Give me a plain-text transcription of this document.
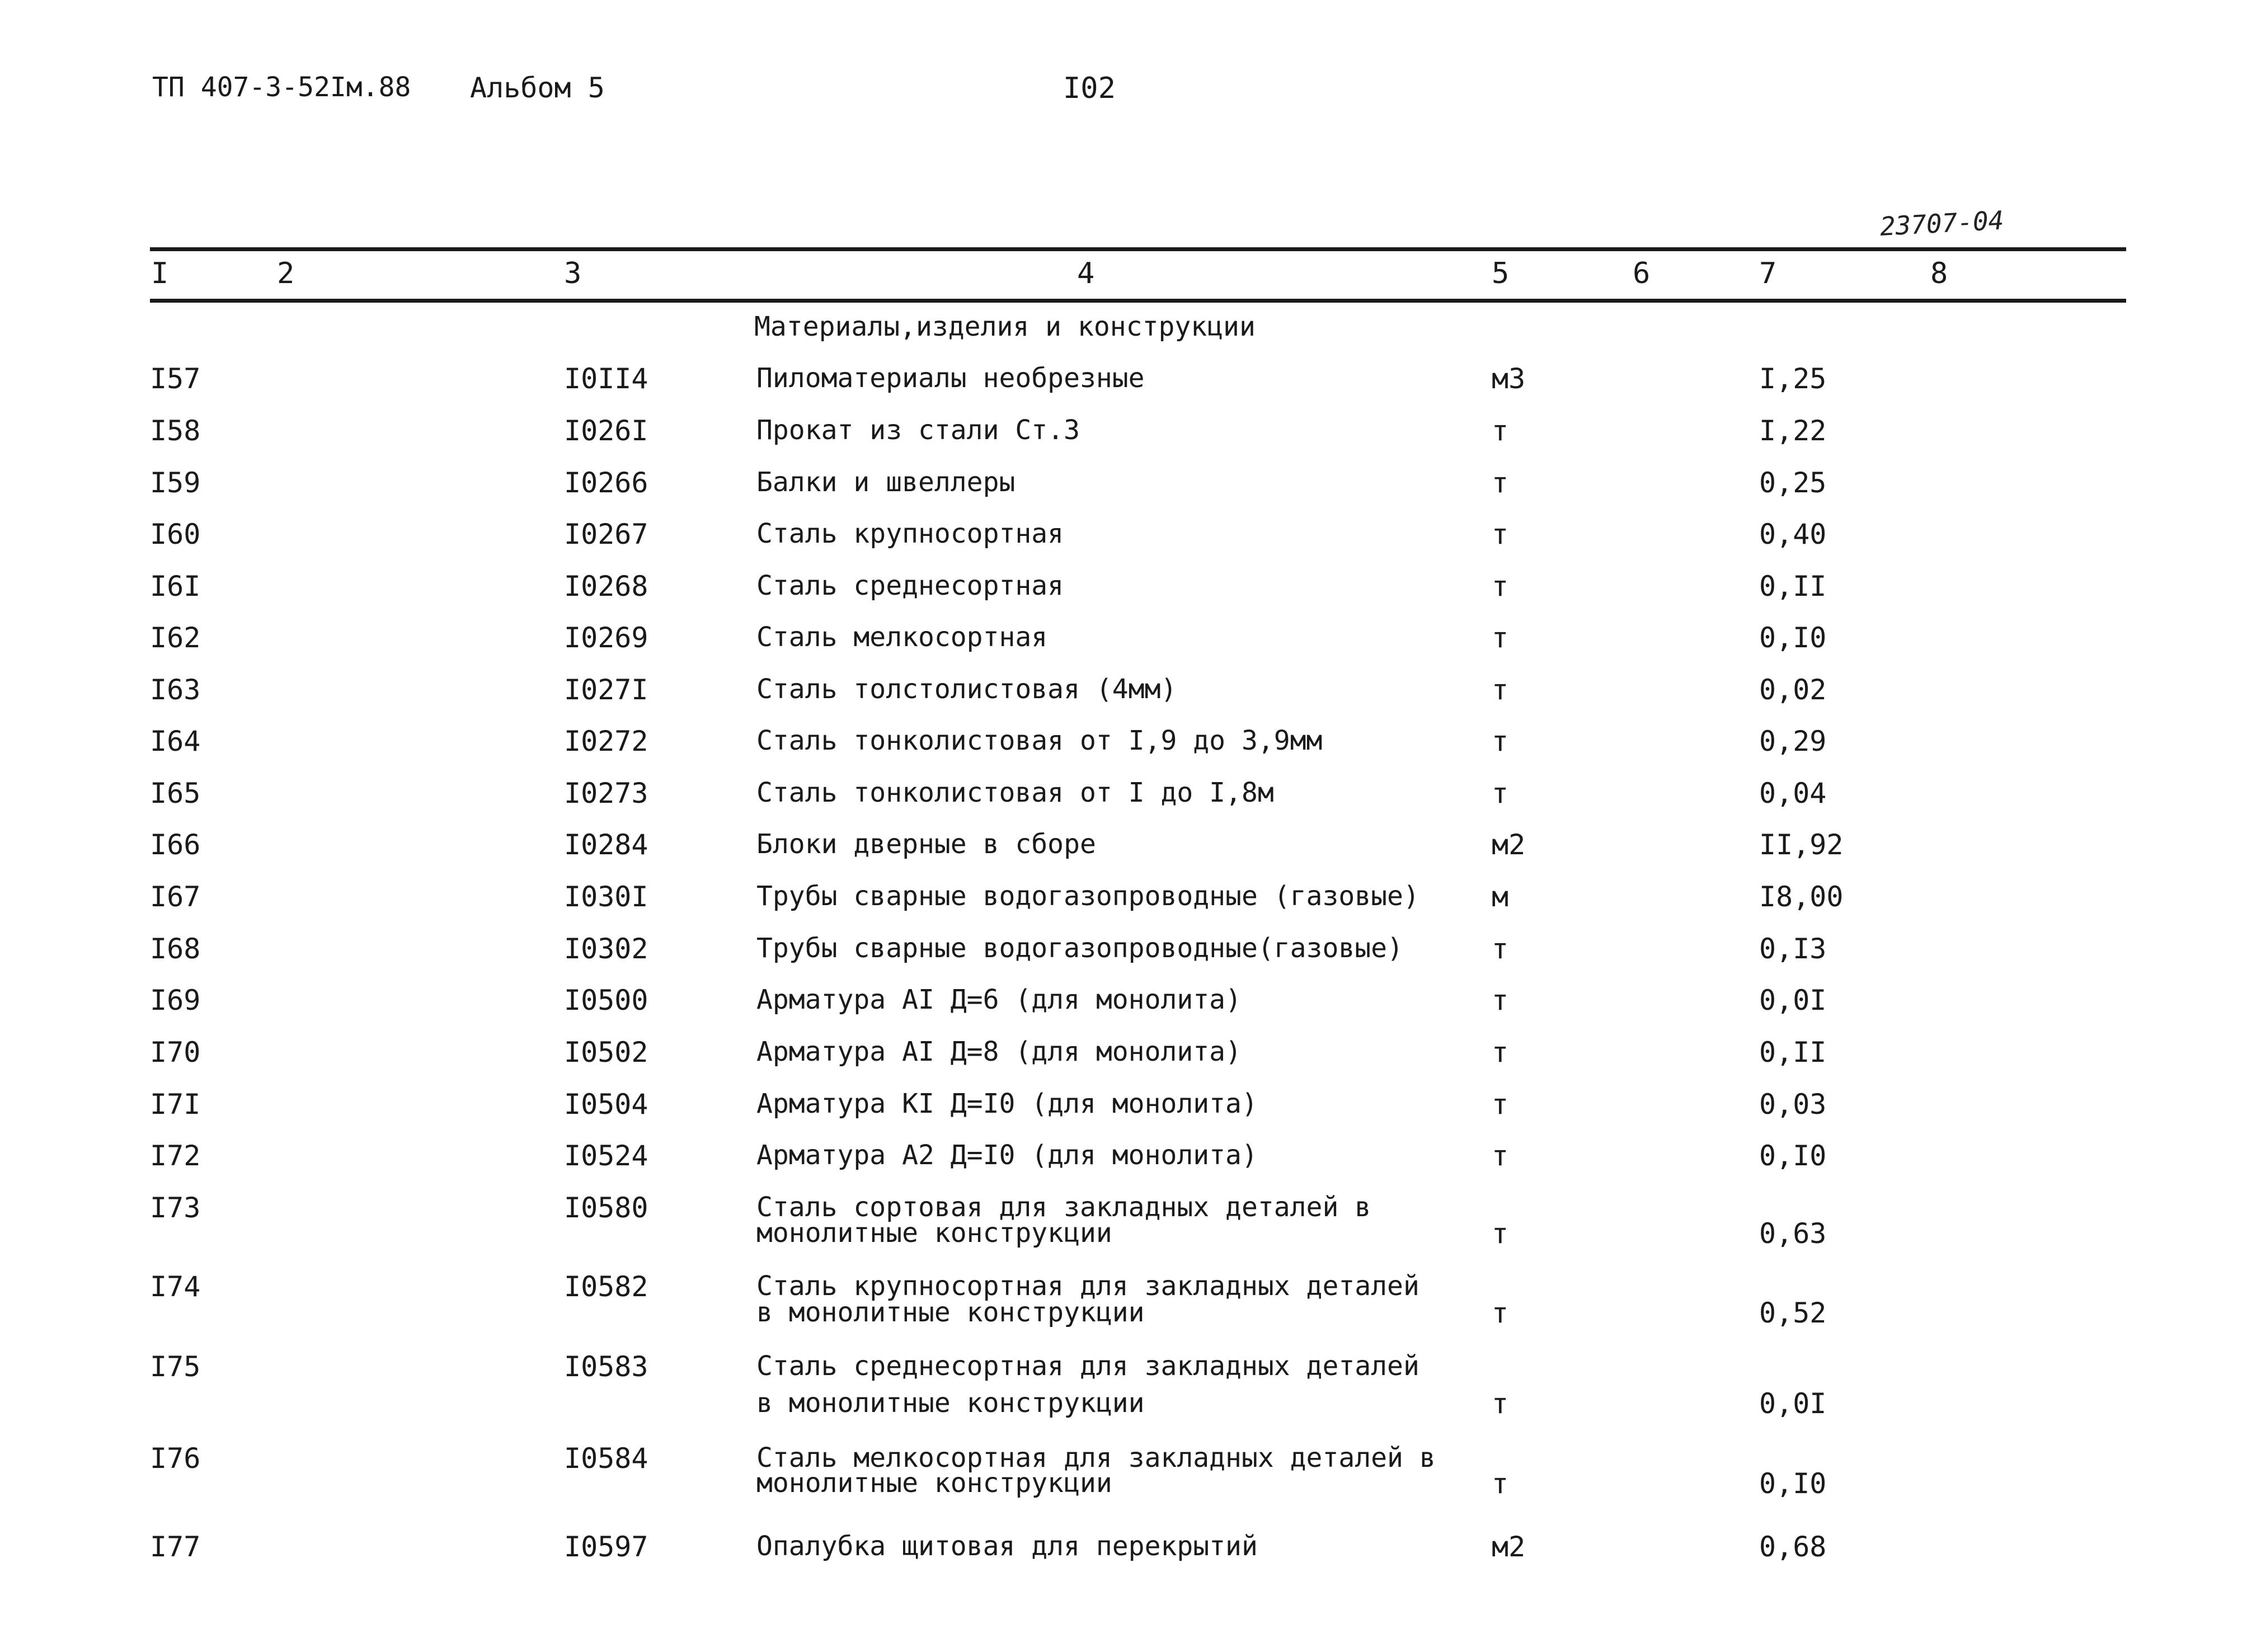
ТП 407-3-52Iм.88 Альбом 5	I02
23707-04
I	2	3	4	5	6	7	8
Материалы,изделия и конструкции
I57	I0II4	Пиломатериалы необрезные	м3	I,25
I58	I026I	Прокат из стали Ст.3	т	I,22
I59	I0266	Балки и швеллеры	т	0,25
I60	I0267	Сталь крупносортная	т	0,40
I6I	I0268	Сталь среднесортная	т	0,II
I62	I0269	Сталь мелкосортная	т	0,I0
I63	I027I	Сталь толстолистовая (4мм)	т	0,02
I64	I0272	Сталь тонколистовая от I,9 до 3,9мм	т	0,29
I65	I0273	Сталь тонколистовая от I до I,8м	т	0,04
I66	I0284	Блоки дверные в сборе	м2	II,92
I67	I030I	Трубы сварные водогазопроводные (газовые)	м	I8,00
I68	I0302	Трубы сварные водогазопроводные(газовые)	т	0,I3
I69	I0500	Арматура АI Д=6 (для монолита)	т	0,0I
I70	I0502	Арматура АI Д=8 (для монолита)	т	0,II
I7I	I0504	Арматура КI Д=I0 (для монолита)	т	0,03
I72	I0524	Арматура А2 Д=I0 (для монолита)	т	0,I0
I73	I0580	Сталь сортовая для закладных деталей в
монолитные конструкции	т	0,63
I74	I0582	Сталь крупносортная для закладных деталей
в монолитные конструкции	т	0,52
I75	I0583	Сталь среднесортная для закладных деталей
в монолитные конструкции	т	0,0I
I76	I0584	Сталь мелкосортная для закладных деталей в
монолитные конструкции	т	0,I0
I77	I0597	Опалубка щитовая для перекрытий	м2	0,68
